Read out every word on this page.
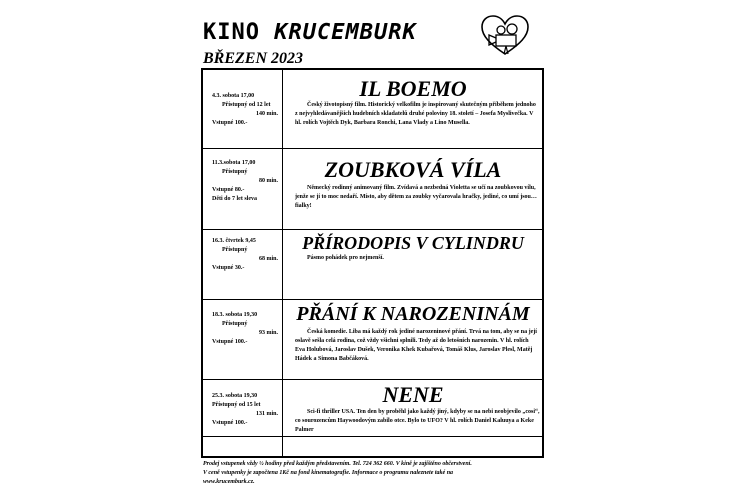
KINO KRUCEMBURK
BŘEZEN 2023
4.3. sobota 17,00
Přístupný od 12 let
140 min.
Vstupné 100.-
IL BOEMO
Český životopisný film. Historický velkofilm je inspirovaný skutečným příběhem jednoho z nejvyhledávanějších hudebních skladatelů druhé poloviny 18. století – Josefa Myslivečka. V hl. rolích Vojtěch Dyk, Barbara Ronchi, Lana Vlady a Lino Musella.
11.3.sobota 17,00
Přístupný
80 min.
Vstupné 80.-
Děti do 7 let sleva
ZOUBKOVÁ VÍLA
Německý rodinný animovaný film. Zvídavá a nezbedná Violetta se učí na zoubkovou vílu, jenže se jí to moc nedaří. Místo, aby dětem za zoubky vyčarovala hračky, jediné, co umí jsou…fialky!
16.3. čtvrtek 9,45
Přístupný
68 min.
Vstupné 30.-
PŘÍRODOPIS V CYLINDRU
Pásmo pohádek pro nejmenší.
18.3. sobota 19,30
Přístupný
93 min.
Vstupné 100.-
PŘÁNÍ K NAROZENINÁM
Česká komedie. Liba má každý rok jediné narozeninové přání. Trvá na tom, aby se na její oslavě sešla celá rodina, což vždy všichni splnili. Tedy až do letošních narozenin. V hl. rolích Eva Holubová, Jaroslav Dušek, Veronika Khek Kubařová, Tomáš Klus, Jaroslav Plesl, Matěj Hádek a Simona Babčáková.
25.3. sobota 19,30
Přístupný od 15 let
131 min.
Vstupné 100.-
NENE
Sci-fi thriller USA. Ten den by proběhl jako každý jiný, kdyby se na nebi neobjevilo „cosi“, co sourozencům Haywoodovým zabilo otce. Bylo to UFO? V hl. rolích Daniel Kaluuya a Keke Palmer
Prodej vstupenek vždy ½ hodiny před každým představením. Tel. 724 362 660. V kině je zajištěno občerstvení.
V ceně vstupenky je započtena 1Kč na fond kinematografie. Informace o programu naleznete také na
www.krucemburk.cz.
